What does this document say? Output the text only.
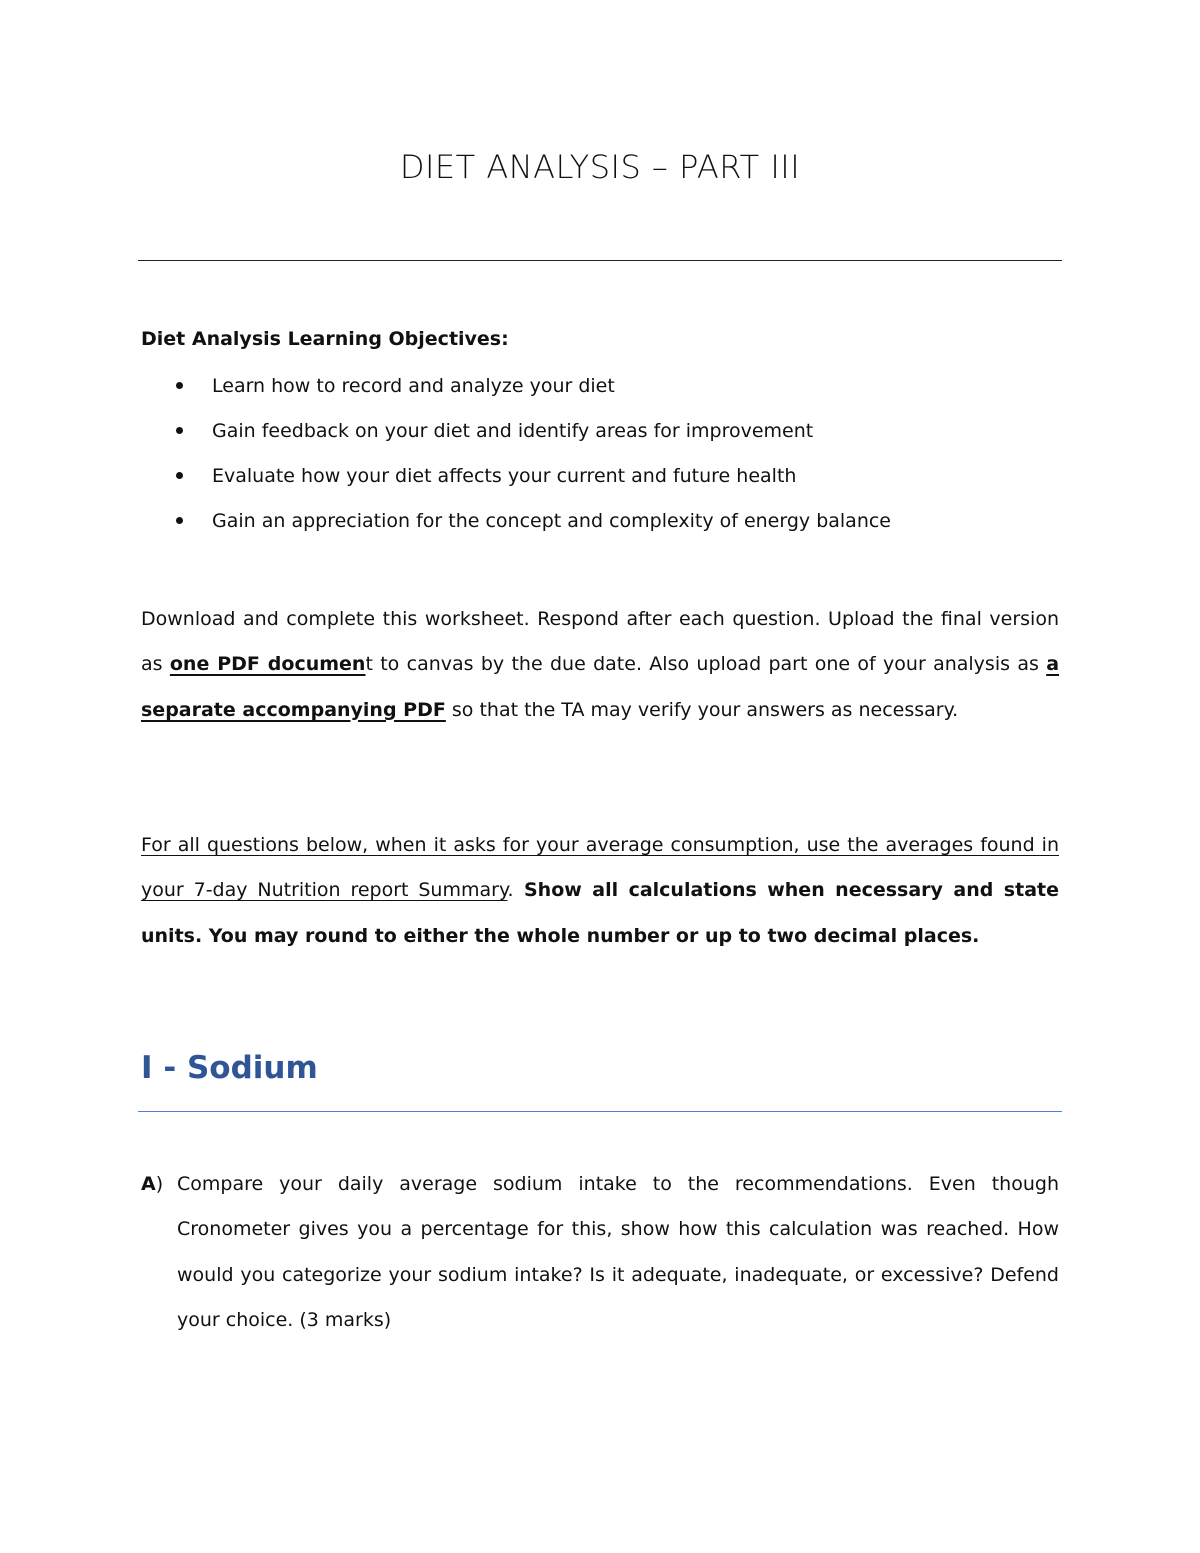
DIET ANALYSIS – PART III
Diet Analysis Learning Objectives:
Learn how to record and analyze your diet
Gain feedback on your diet and identify areas for improvement
Evaluate how your diet affects your current and future health
Gain an appreciation for the concept and complexity of energy balance

Download and complete this worksheet. Respond after each question. Upload the final version as one PDF document to canvas by the due date. Also upload part one of your analysis as a separate accompanying PDF so that the TA may verify your answers as necessary.

For all questions below, when it asks for your average consumption, use the averages found in your 7-day Nutrition report Summary. Show all calculations when necessary and state units. You may round to either the whole number or up to two decimal places.

I - Sodium
A) Compare your daily average sodium intake to the recommendations. Even though Cronometer gives you a percentage for this, show how this calculation was reached. How would you categorize your sodium intake? Is it adequate, inadequate, or excessive? Defend your choice. (3 marks)
